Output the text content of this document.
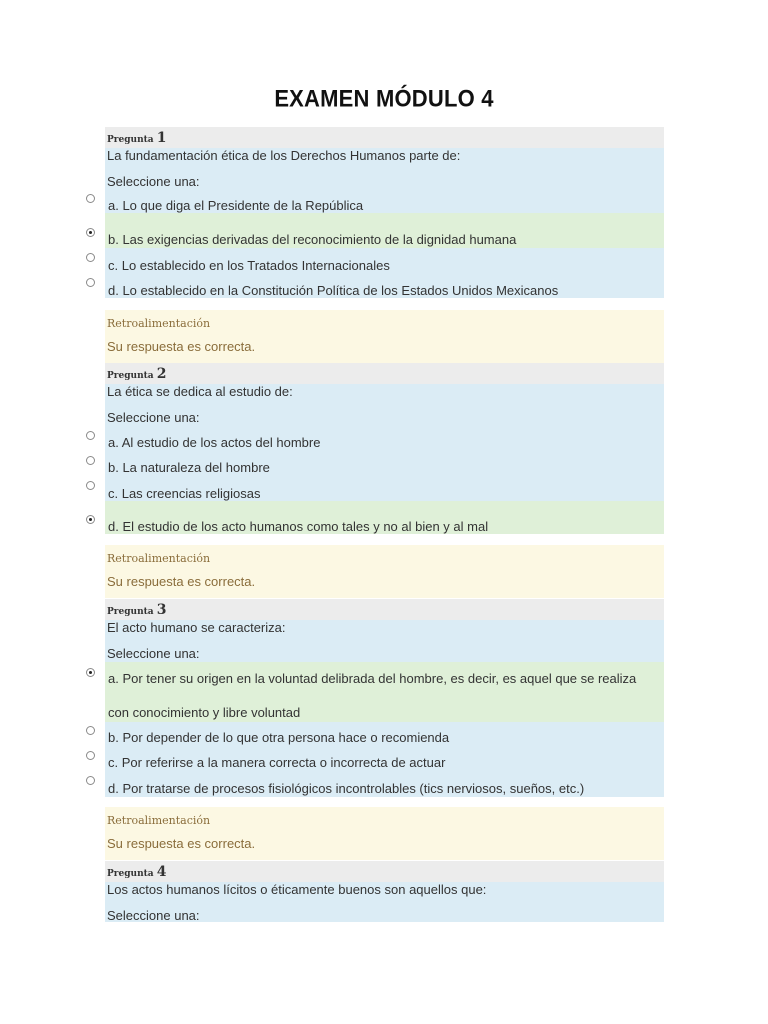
EXAMEN MÓDULO 4
Pregunta 1
La fundamentación ética de los Derechos Humanos parte de:
Seleccione una:
a. Lo que diga el Presidente de la República
b. Las exigencias derivadas del reconocimiento de la dignidad humana
c. Lo establecido en los Tratados Internacionales
d. Lo establecido en la Constitución Política de los Estados Unidos Mexicanos
Retroalimentación
Su respuesta es correcta.
Pregunta 2
La ética se dedica al estudio de:
Seleccione una:
a. Al estudio de los actos del hombre
b. La naturaleza del hombre
c. Las creencias religiosas
d. El estudio de los acto humanos como tales y no al bien y al mal
Retroalimentación
Su respuesta es correcta.
Pregunta 3
El acto humano se caracteriza:
Seleccione una:
a. Por tener su origen en la voluntad delibrada del hombre, es decir, es aquel que se realiza
con conocimiento y libre voluntad
b. Por depender de lo que otra persona hace o recomienda
c. Por referirse a la manera correcta o incorrecta de actuar
d. Por tratarse de procesos fisiológicos incontrolables (tics nerviosos, sueños, etc.)
Retroalimentación
Su respuesta es correcta.
Pregunta 4
Los actos humanos lícitos o éticamente buenos son aquellos que:
Seleccione una:
